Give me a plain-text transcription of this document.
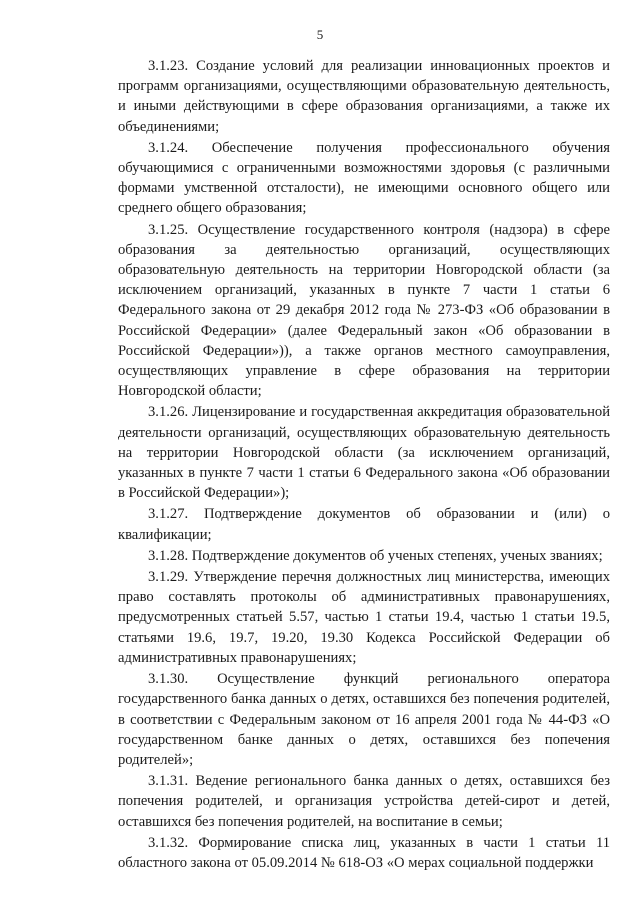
5

3.1.23. Создание условий для реализации инновационных проектов и программ организациями, осуществляющими образовательную деятельность, и иными действующими в сфере образования организациями, а также их объединениями;

3.1.24. Обеспечение получения профессионального обучения обучающимися с ограниченными возможностями здоровья (с различными формами умственной отсталости), не имеющими основного общего или среднего общего образования;

3.1.25. Осуществление государственного контроля (надзора) в сфере образования за деятельностью организаций, осуществляющих образовательную деятельность на территории Новгородской области (за исключением организаций, указанных в пункте 7 части 1 статьи 6 Федерального закона от 29 декабря 2012 года № 273-ФЗ «Об образовании в Российской Федерации» (далее Федеральный закон «Об образовании в Российской Федерации»)), а также органов местного самоуправления, осуществляющих управление в сфере образования на территории Новгородской области;

3.1.26. Лицензирование и государственная аккредитация образовательной деятельности организаций, осуществляющих образовательную деятельность на территории Новгородской области (за исключением организаций, указанных в пункте 7 части 1 статьи 6 Федерального закона «Об образовании в Российской Федерации»);

3.1.27. Подтверждение документов об образовании и (или) о квалификации;

3.1.28. Подтверждение документов об ученых степенях, ученых званиях;

3.1.29. Утверждение перечня должностных лиц министерства, имеющих право составлять протоколы об административных правонарушениях, предусмотренных статьей 5.57, частью 1 статьи 19.4, частью 1 статьи 19.5, статьями 19.6, 19.7, 19.20, 19.30 Кодекса Российской Федерации об административных правонарушениях;

3.1.30. Осуществление функций регионального оператора государственного банка данных о детях, оставшихся без попечения родителей, в соответствии с Федеральным законом от 16 апреля 2001 года № 44-ФЗ «О государственном банке данных о детях, оставшихся без попечения родителей»;

3.1.31. Ведение регионального банка данных о детях, оставшихся без попечения родителей, и организация устройства детей-сирот и детей, оставшихся без попечения родителей, на воспитание в семьи;

3.1.32. Формирование списка лиц, указанных в части 1 статьи 11 областного закона от 05.09.2014 № 618-ОЗ «О мерах социальной поддержки
